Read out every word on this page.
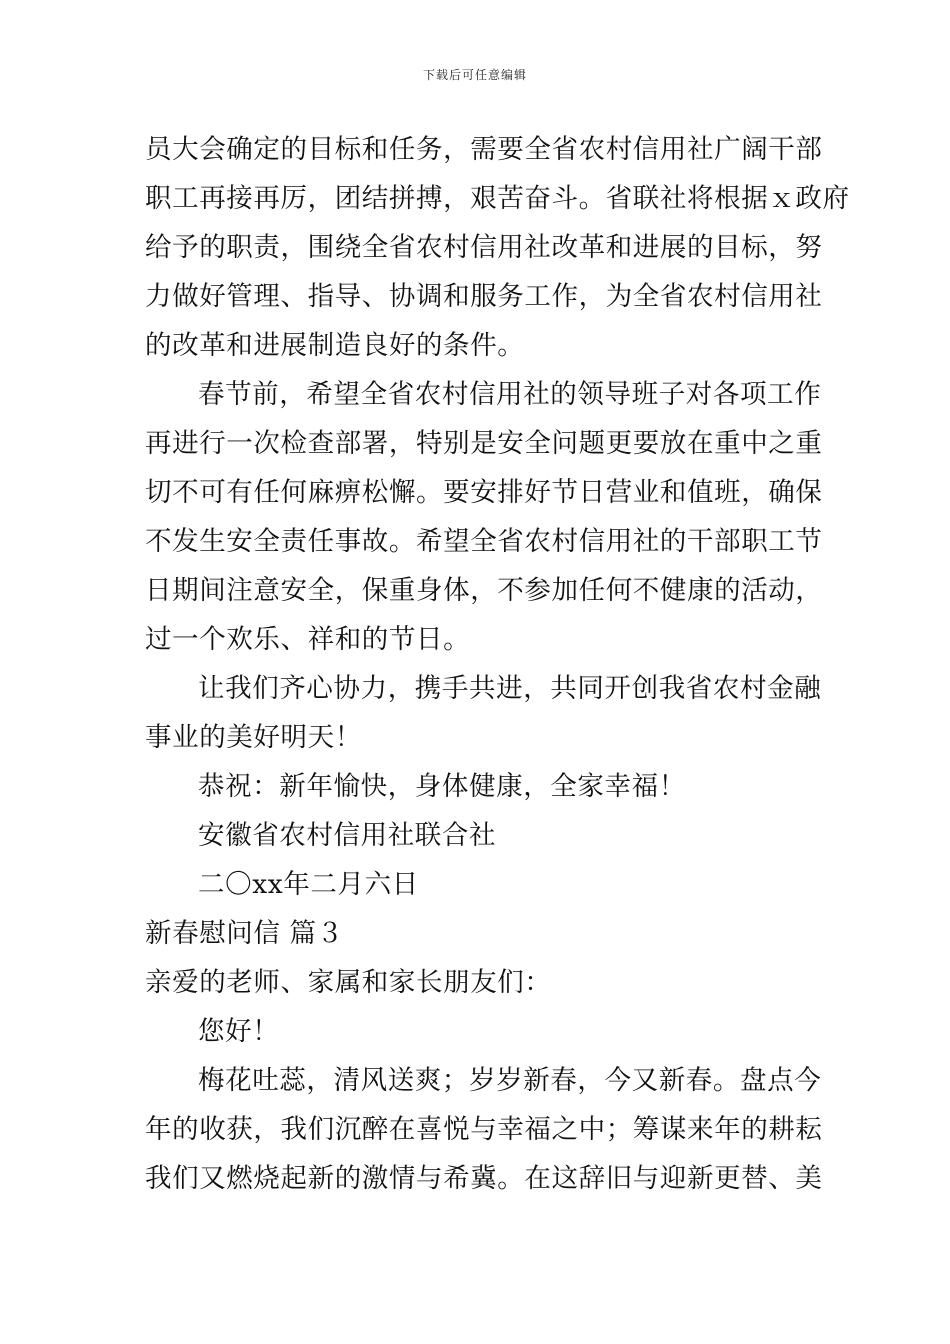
下载后可任意编辑
员大会确定的目标和任务，需要全省农村信用社广阔干部
职工再接再厉，团结拼搏，艰苦奋斗。省联社将根据ｘ政府
给予的职责，围绕全省农村信用社改革和进展的目标，努
力做好管理、指导、协调和服务工作，为全省农村信用社
的改革和进展制造良好的条件。
春节前，希望全省农村信用社的领导班子对各项工作
再进行一次检查部署，特别是安全问题更要放在重中之重
切不可有任何麻痹松懈。要安排好节日营业和值班，确保
不发生安全责任事故。希望全省农村信用社的干部职工节
日期间注意安全，保重身体，不参加任何不健康的活动，
过一个欢乐、祥和的节日。
让我们齐心协力，携手共进，共同开创我省农村金融
事业的美好明天！
恭祝：新年愉快，身体健康，全家幸福！
安徽省农村信用社联合社
二〇xx年二月六日
新春慰问信 篇３
亲爱的老师、家属和家长朋友们：
您好！
梅花吐蕊，清风送爽；岁岁新春，今又新春。盘点今
年的收获，我们沉醉在喜悦与幸福之中；筹谋来年的耕耘
我们又燃烧起新的激情与希冀。在这辞旧与迎新更替、美
